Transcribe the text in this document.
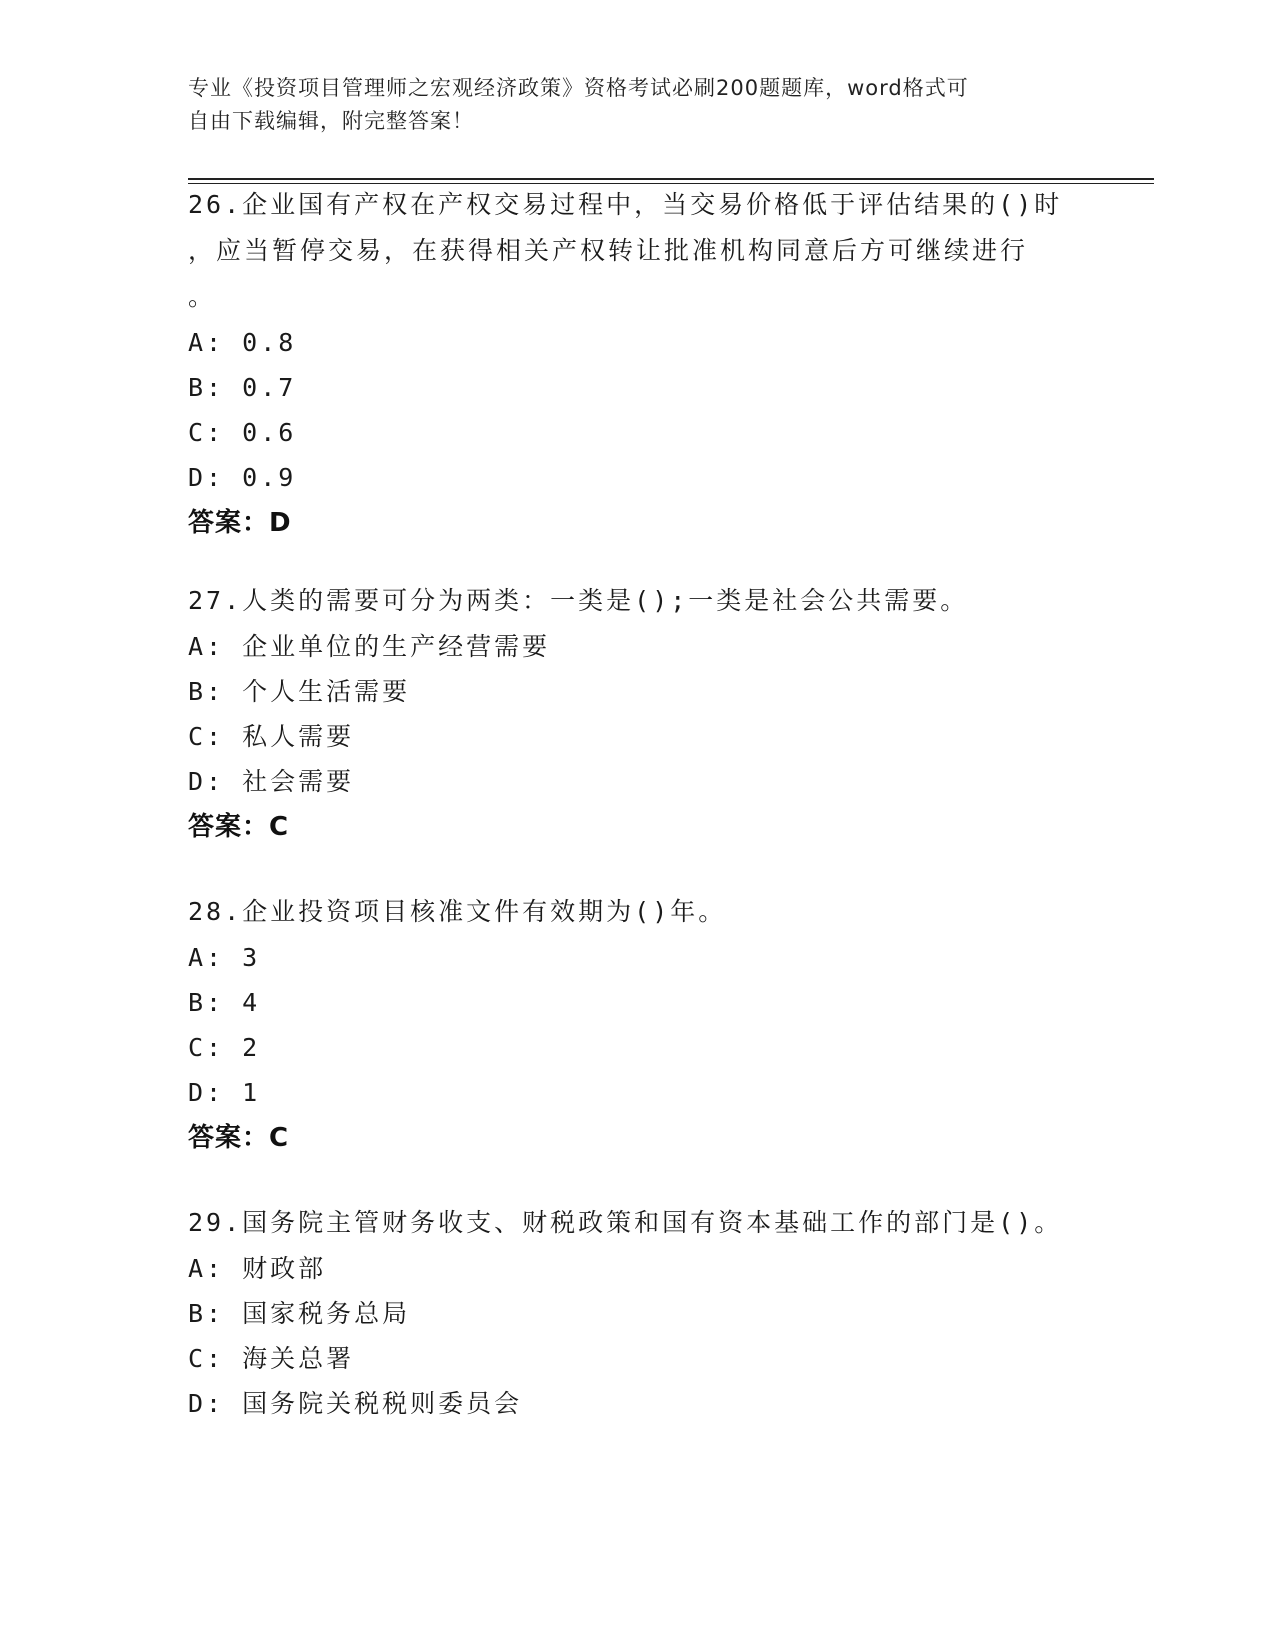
专业《投资项目管理师之宏观经济政策》资格考试必刷200题题库，word格式可
自由下载编辑，附完整答案！

26.企业国有产权在产权交易过程中，当交易价格低于评估结果的()时

，应当暂停交易，在获得相关产权转让批准机构同意后方可继续进行

。

A: 0.8

B: 0.7

C: 0.6

D: 0.9

答案：D

27.人类的需要可分为两类：一类是();一类是社会公共需要。

A: 企业单位的生产经营需要

B: 个人生活需要

C: 私人需要

D: 社会需要

答案：C

28.企业投资项目核准文件有效期为()年。

A: 3

B: 4

C: 2

D: 1

答案：C

29.国务院主管财务收支、财税政策和国有资本基础工作的部门是()。

A: 财政部

B: 国家税务总局

C: 海关总署

D: 国务院关税税则委员会
